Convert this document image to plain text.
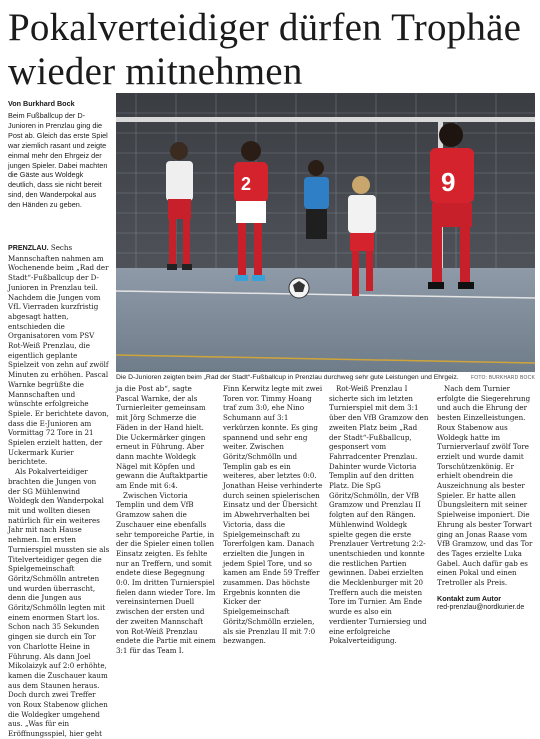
Pokalverteidiger dürfen Trophäe wieder mitnehmen
Von Burkhard Bock
Beim Fußballcup der D-Junioren in Prenzlau ging die Post ab. Gleich das erste Spiel war ziemlich rasant und zeigte einmal mehr den Ehrgeiz der jungen Spieler. Dabei machten die Gäste aus Woldegk deutlich, dass sie nicht bereit sind, den Wanderpokal aus den Händen zu geben.

PRENZLAU. Sechs Mannschaften nahmen am Wochenende beim „Rad der Stadt“-Fußballcup der D-Junioren in Prenzlau teil. Nachdem die Jungen vom VfL Vierraden kurzfristig abgesagt hatten, entschieden die Organisatoren vom PSV Rot-Weiß Prenzlau, die eigentlich geplante Spielzeit von zehn auf zwölf Minuten zu erhöhen. Pascal Warnke begrüßte die Mannschaften und wünschte erfolgreiche Spiele. Er berichtete davon, dass die E-Junioren am Vormittag 72 Tore in 21 Spielen erzielt hatten, der Uckermark Kurier berichtete.

Als Pokalverteidiger brachten die Jungen von der SG Mühlenwind Woldegk den Wanderpokal mit und wollten diesen natürlich für ein weiteres Jahr mit nach Hause nehmen. Im ersten Turnierspiel mussten sie als Titelverteidiger gegen die Spielgemeinschaft Göritz/Schmölln antreten und wurden überrascht, denn die Jungen aus Göritz/Schmölln legten mit einem enormen Start los. Schon nach 35 Sekunden gingen sie durch ein Tor von Charlotte Heine in Führung. Als dann Joel Mikolaizyk auf 2:0 erhöhte, kamen die Zuschauer kaum aus dem Staunen heraus. Doch durch zwei Treffer von Roux Stabenow glichen die Woldegker umgehend aus. „Was für ein Eröffnungsspiel, hier geht

2	9
Die D-Junioren zeigten beim „Rad der Stadt“-Fußballcup in Prenzlau durchweg sehr gute Leistungen und Ehrgeiz. FOTO: BURKHARD BOCK

ja die Post ab“, sagte Pascal Warnke, der als Turnierleiter gemeinsam mit Jörg Schmerze die Fäden in der Hand hielt. Die Uckermärker gingen erneut in Führung. Aber dann machte Woldegk Nägel mit Köpfen und gewann die Auftaktpartie am Ende mit 6:4.

Zwischen Victoria Templin und dem VfB Gramzow sahen die Zuschauer eine ebenfalls sehr temporeiche Partie, in der die Spieler einen tollen Einsatz zeigten. Es fehlte nur an Treffern, und somit endete diese Begegnung 0:0. Im dritten Turnierspiel fielen dann wieder Tore. Im vereinsinternen Duell zwischen der ersten und der zweiten Mannschaft von Rot-Weiß Prenzlau endete die Partie mit einem 3:1 für das Team I.

Finn Kerwitz legte mit zwei Toren vor. Timmy Hoang traf zum 3:0, ehe Nino Schumann auf 3:1 verkürzen konnte. Es ging spannend und sehr eng weiter. Zwischen Göritz/Schmölln und Templin gab es ein weiteres, aber letztes 0:0. Jonathan Heise verhinderte durch seinen spielerischen Einsatz und der Übersicht im Abwehrverhalten bei Victoria, dass die Spielgemeinschaft zu Torerfolgen kam. Danach erzielten die Jungen in jedem Spiel Tore, und so kamen am Ende 59 Treffer zusammen. Das höchste Ergebnis konnten die Kicker der Spielgemeinschaft Göritz/Schmölln erzielen, als sie Prenzlau II mit 7:0 bezwangen.

Rot-Weiß Prenzlau I sicherte sich im letzten Turnierspiel mit dem 3:1 über den VfB Gramzow den zweiten Platz beim „Rad der Stadt“-Fußballcup, gesponsert vom Fahrradcenter Prenzlau. Dahinter wurde Victoria Templin auf den dritten Platz. Die SpG Göritz/Schmölln, der VfB Gramzow und Prenzlau II folgten auf den Rängen. Mühlenwind Woldegk spielte gegen die erste Prenzlauer Vertretung 2:2-unentschieden und konnte die restlichen Partien gewinnen. Dabei erzielten die Mecklenburger mit 20 Treffern auch die meisten Tore im Turnier. Am Ende wurde es also ein verdienter Turniersieg und eine erfolgreiche Pokalverteidigung.

Nach dem Turnier erfolgte die Siegerehrung und auch die Ehrung der besten Einzelleistungen. Roux Stabenow aus Woldegk hatte im Turnierverlauf zwölf Tore erzielt und wurde damit Torschützenkönig. Er erhielt obendrein die Auszeichnung als bester Spieler. Er hatte allen Übungsleitern mit seiner Spielweise imponiert. Die Ehrung als bester Torwart ging an Jonas Raase vom VfB Gramzow, und das Tor des Tages erzielte Luka Gabel. Auch dafür gab es einen Pokal und einen Tretroller als Preis.

Kontakt zum Autor
red-prenzlau@nordkurier.de
